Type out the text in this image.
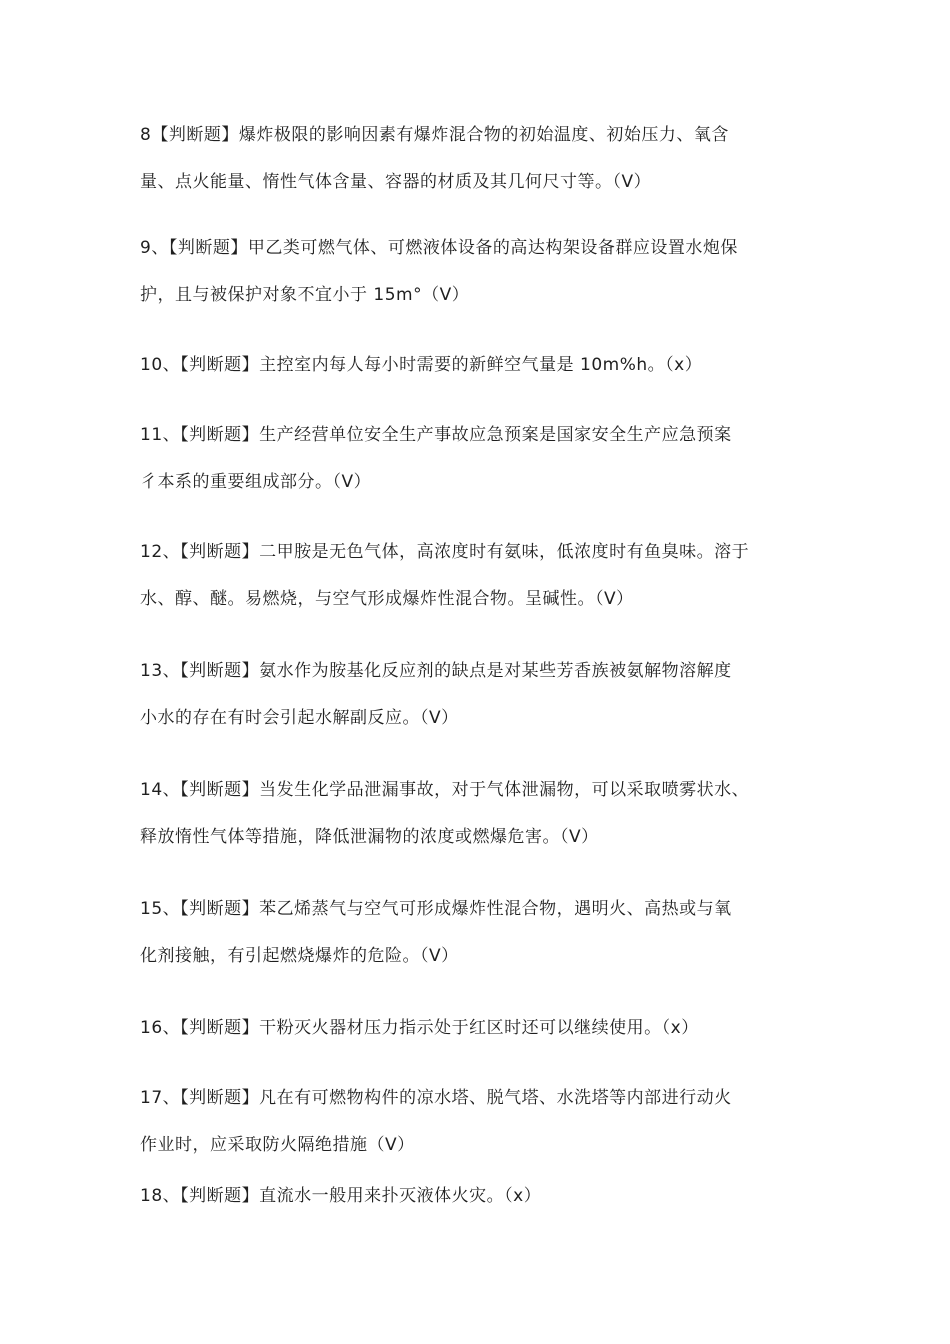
8【判断题】爆炸极限的影响因素有爆炸混合物的初始温度、初始压力、氧含
量、点火能量、惰性气体含量、容器的材质及其几何尺寸等。（V）

9、【判断题】甲乙类可燃气体、可燃液体设备的高达构架设备群应设置水炮保
护，且与被保护对象不宜小于 15m°（V）

10、【判断题】主控室内每人每小时需要的新鲜空气量是 10m%h。（x）

11、【判断题】生产经营单位安全生产事故应急预案是国家安全生产应急预案
彳本系的重要组成部分。（V）

12、【判断题】二甲胺是无色气体，高浓度时有氨味，低浓度时有鱼臭味。溶于
水、醇、醚。易燃烧，与空气形成爆炸性混合物。呈碱性。（V）

13、【判断题】氨水作为胺基化反应剂的缺点是对某些芳香族被氨解物溶解度
小水的存在有时会引起水解副反应。（V）

14、【判断题】当发生化学品泄漏事故，对于气体泄漏物，可以采取喷雾状水、
释放惰性气体等措施，降低泄漏物的浓度或燃爆危害。（V）

15、【判断题】苯乙烯蒸气与空气可形成爆炸性混合物，遇明火、高热或与氧
化剂接触，有引起燃烧爆炸的危险。（V）

16、【判断题】干粉灭火器材压力指示处于红区时还可以继续使用。（x）

17、【判断题】凡在有可燃物构件的凉水塔、脱气塔、水洗塔等内部进行动火
作业时，应采取防火隔绝措施（V）

18、【判断题】直流水一般用来扑灭液体火灾。（x）
